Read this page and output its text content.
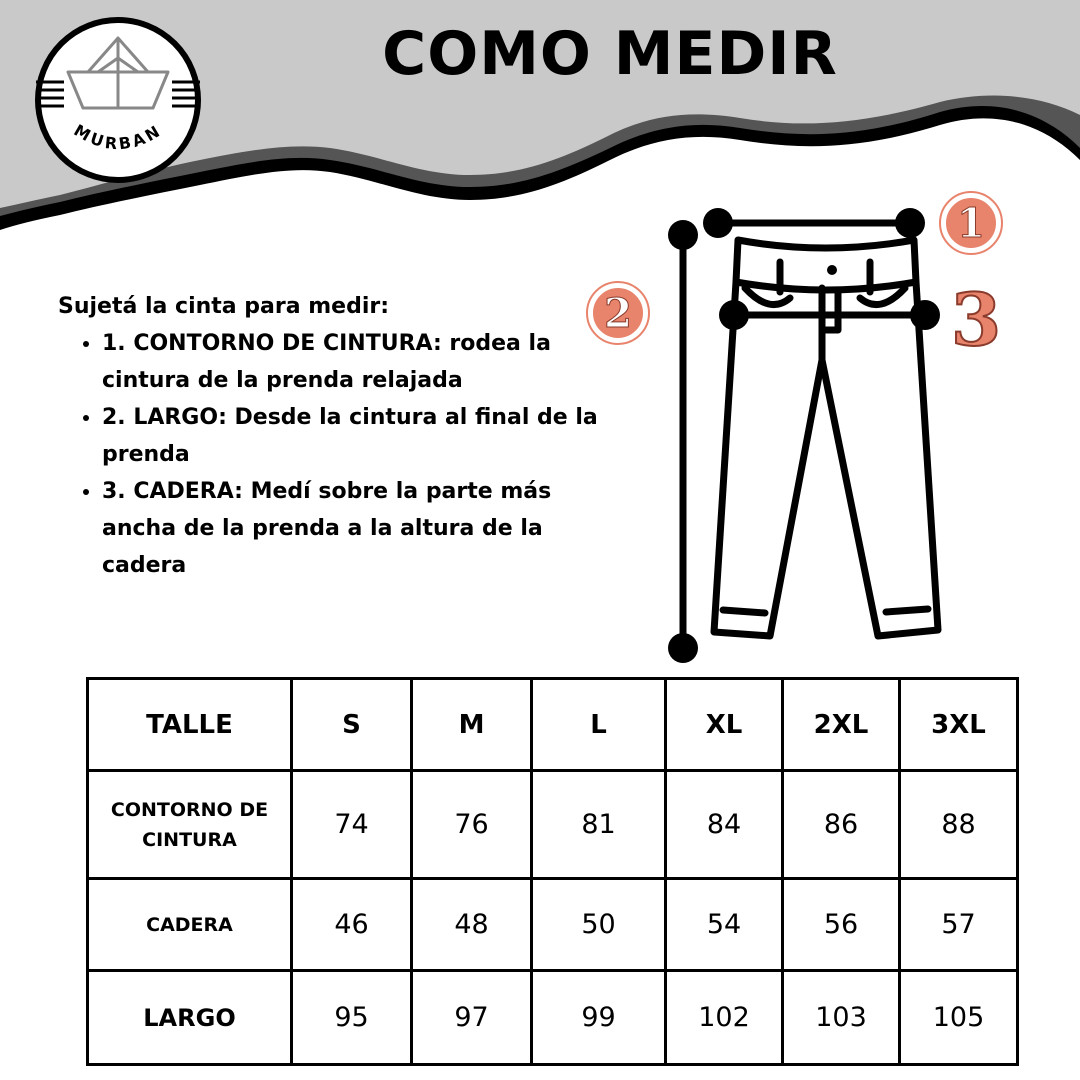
COMO MEDIR
MURBAN

Sujetá la cinta para medir:

• 1. CONTORNO DE CINTURA: rodea la cintura de la prenda relajada
• 2. LARGO: Desde la cintura al final de la prenda
• 3. CADERA: Medí sobre la parte más ancha de la prenda a la altura de la cadera
1
2	3
TALLE	S	M	L	XL	2XL	3XL
CONTORNO DE CINTURA	74	76	81	84	86	88
CADERA	46	48	50	54	56	57
LARGO	95	97	99	102	103	105
